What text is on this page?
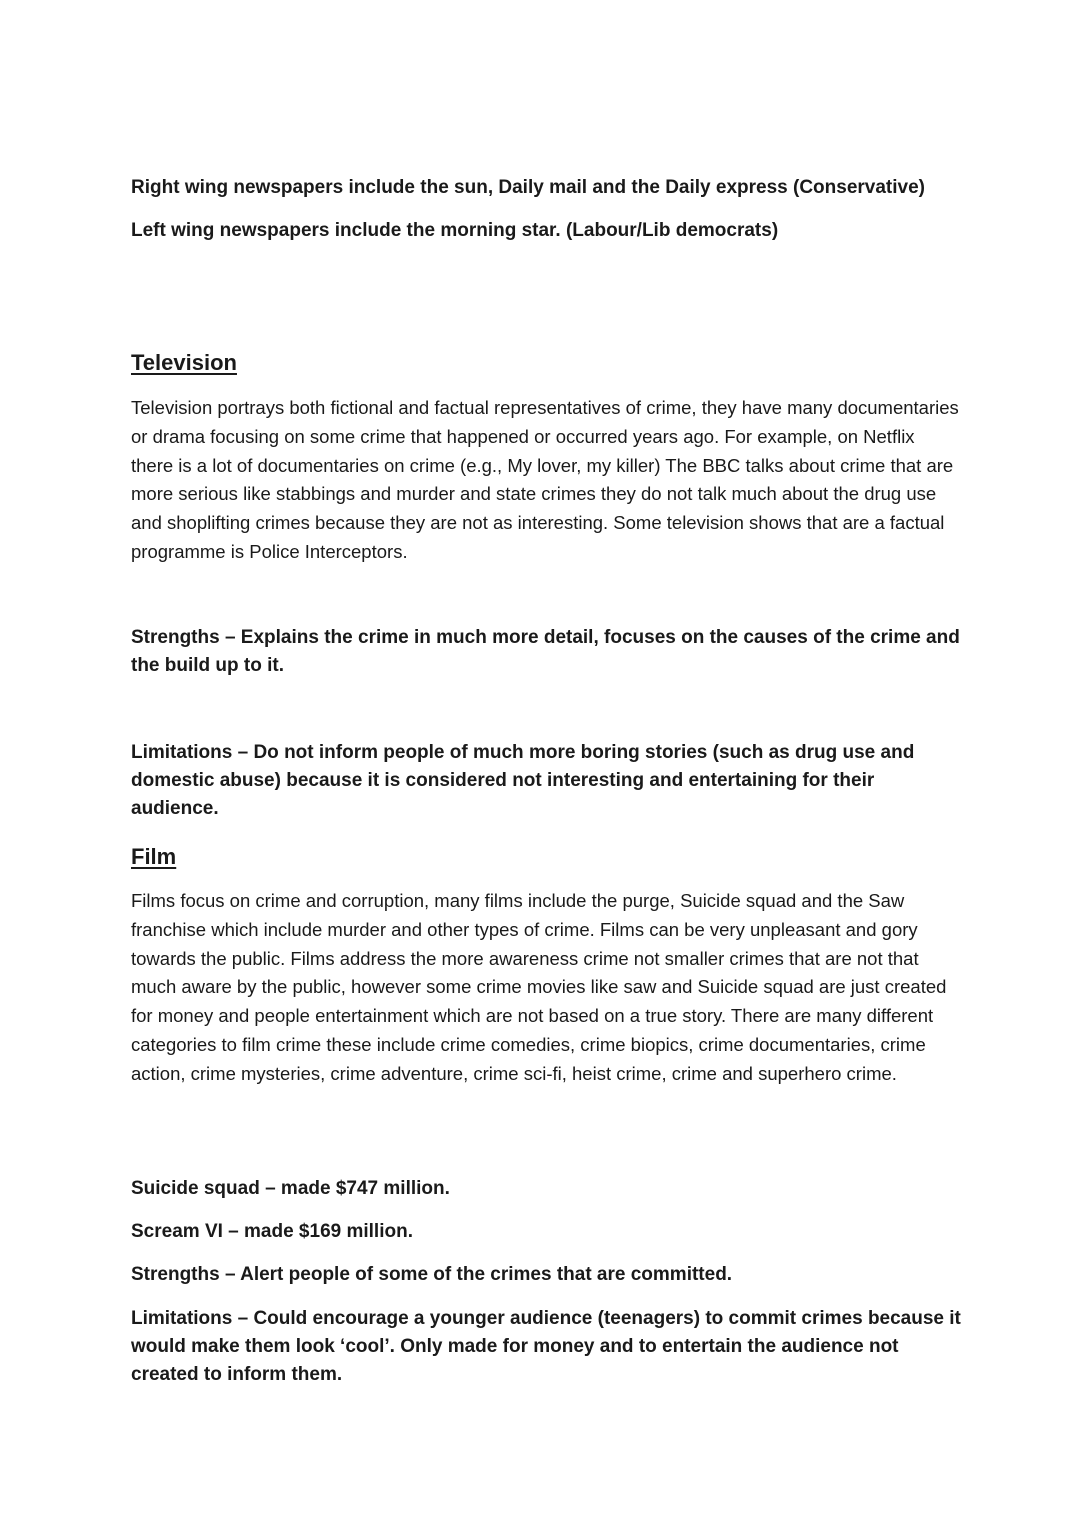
Right wing newspapers include the sun, Daily mail and the Daily express (Conservative)

Left wing newspapers include the morning star. (Labour/Lib democrats)

Television

Television portrays both fictional and factual representatives of crime, they have many documentaries or drama focusing on some crime that happened or occurred years ago. For example, on Netflix there is a lot of documentaries on crime (e.g., My lover, my killer) The BBC talks about crime that are more serious like stabbings and murder and state crimes they do not talk much about the drug use and shoplifting crimes because they are not as interesting. Some television shows that are a factual programme is Police Interceptors.

Strengths – Explains the crime in much more detail, focuses on the causes of the crime and the build up to it.

Limitations – Do not inform people of much more boring stories (such as drug use and domestic abuse) because it is considered not interesting and entertaining for their audience.

Film

Films focus on crime and corruption, many films include the purge, Suicide squad and the Saw franchise which include murder and other types of crime. Films can be very unpleasant and gory towards the public. Films address the more awareness crime not smaller crimes that are not that much aware by the public, however some crime movies like saw and Suicide squad are just created for money and people entertainment which are not based on a true story. There are many different categories to film crime these include crime comedies, crime biopics, crime documentaries, crime action, crime mysteries, crime adventure, crime sci-fi, heist crime, crime and superhero crime.

Suicide squad – made $747 million.

Scream VI – made $169 million.

Strengths – Alert people of some of the crimes that are committed.

Limitations – Could encourage a younger audience (teenagers) to commit crimes because it would make them look ‘cool’. Only made for money and to entertain the audience not created to inform them.
